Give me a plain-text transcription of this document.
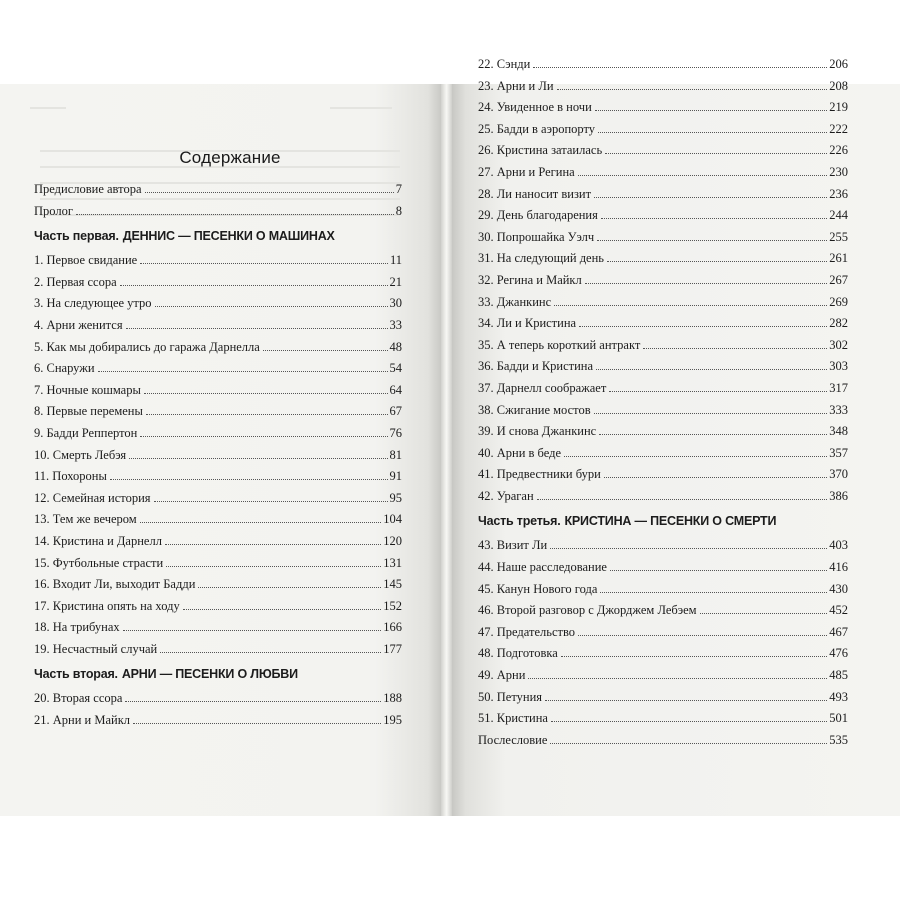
Содержание
Предисловие автора	7
Пролог	8
Часть первая. ДЕННИС — ПЕСЕНКИ О МАШИНАХ
1. Первое свидание	11
2. Первая ссора	21
3. На следующее утро	30
4. Арни женится	33
5. Как мы добирались до гаража Дарнелла	48
6. Снаружи	54
7. Ночные кошмары	64
8. Первые перемены	67
9. Бадди Реппертон	76
10. Смерть Лебэя	81
11. Похороны	91
12. Семейная история	95
13. Тем же вечером	104
14. Кристина и Дарнелл	120
15. Футбольные страсти	131
16. Входит Ли, выходит Бадди	145
17. Кристина опять на ходу	152
18. На трибунах	166
19. Несчастный случай	177
Часть вторая. АРНИ — ПЕСЕНКИ О ЛЮБВИ
20. Вторая ссора	188
21. Арни и Майкл	195
22. Сэнди	206
23. Арни и Ли	208
24. Увиденное в ночи	219
25. Бадди в аэропорту	222
26. Кристина затаилась	226
27. Арни и Регина	230
28. Ли наносит визит	236
29. День благодарения	244
30. Попрошайка Уэлч	255
31. На следующий день	261
32. Регина и Майкл	267
33. Джанкинс	269
34. Ли и Кристина	282
35. А теперь короткий антракт	302
36. Бадди и Кристина	303
37. Дарнелл соображает	317
38. Сжигание мостов	333
39. И снова Джанкинс	348
40. Арни в беде	357
41. Предвестники бури	370
42. Ураган	386
Часть третья. КРИСТИНА — ПЕСЕНКИ О СМЕРТИ
43. Визит Ли	403
44. Наше расследование	416
45. Канун Нового года	430
46. Второй разговор с Джорджем Лебэем	452
47. Предательство	467
48. Подготовка	476
49. Арни	485
50. Петуния	493
51. Кристина	501
Послесловие	535
